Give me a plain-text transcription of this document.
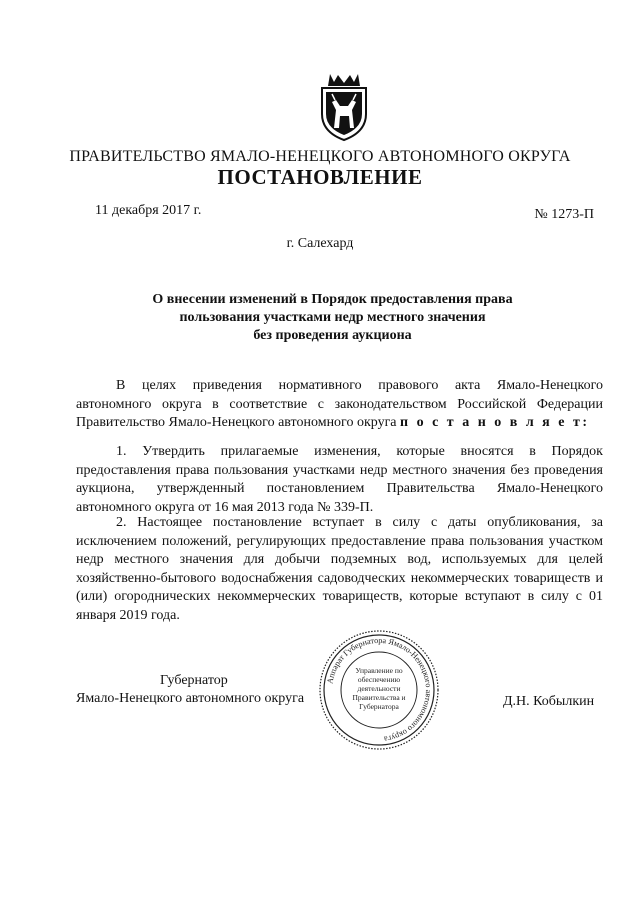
ПРАВИТЕЛЬСТВО ЯМАЛО-НЕНЕЦКОГО АВТОНОМНОГО ОКРУГА
ПОСТАНОВЛЕНИЕ
11 декабря 2017 г.	№ 1273-П
г. Салехард
О внесении изменений в Порядок предоставления права
пользования участками недр местного значения
без проведения аукциона
В целях приведения нормативного правового акта Ямало-Ненецкого автономного округа в соответствие с законодательством Российской Федерации Правительство Ямало-Ненецкого автономного округа п о с т а н о в л я е т:
1. Утвердить прилагаемые изменения, которые вносятся в Порядок предоставления права пользования участками недр местного значения без проведения аукциона, утвержденный постановлением Правительства Ямало-Ненецкого автономного округа от 16 мая 2013 года № 339-П.
2. Настоящее постановление вступает в силу с даты опубликования, за исключением положений, регулирующих предоставление права пользования участком недр местного значения для добычи подземных вод, используемых для целей хозяйственно-бытового водоснабжения садоводческих некоммерческих товариществ и (или) огороднических некоммерческих товариществ, которые вступают в силу с 01 января 2019 года.
Губернатор
Ямало-Ненецкого автономного округа	Д.Н. Кобылкин
Аппарат Губернатора Ямало-Ненецкого автономного округа
Управление по обеспечению деятельности Правительства и Губернатора
